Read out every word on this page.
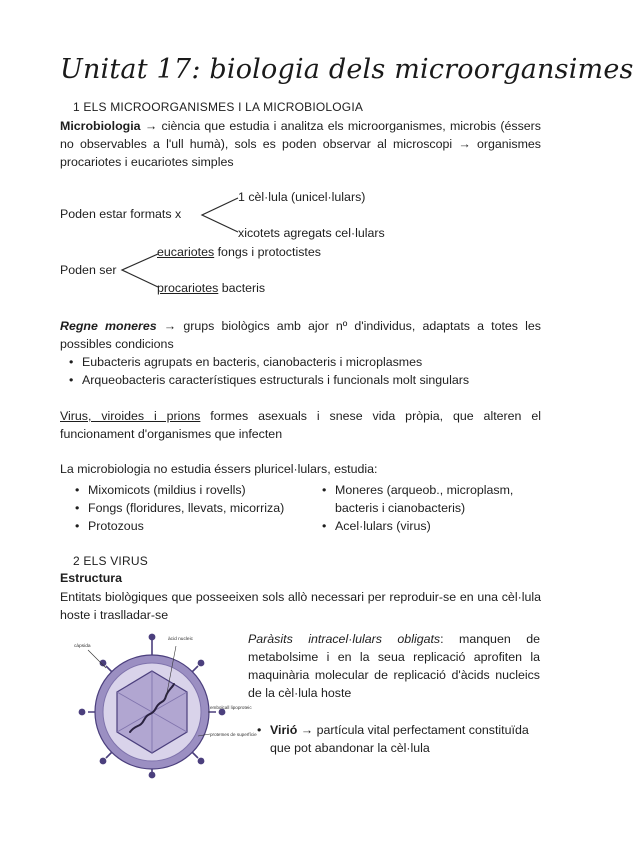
Unitat 17: biologia dels microorgansimes
1 ELS MICROORGANISMES I LA MICROBIOLOGIA
Microbiologia → ciència que estudia i analitza els microorganismes, microbis (éssers no observables a l'ull humà), sols es poden observar al microscopi → organismes procariotes i eucariotes simples
Poden estar formats x
1 cèl·lula (unicel·lulars)
xicotets agregats cel·lulars
Poden ser
eucariotes fongs i protoctistes
procariotes bacteris
Regne moneres → grups biològics amb ajor nº d'individus, adaptats a totes les possibles condicions
• Eubacteris agrupats en bacteris, cianobacteris i microplasmes
• Arqueobacteris característiques estructurals i funcionals molt singulars
Virus, viroides i prions formes asexuals i snese vida pròpia, que alteren el funcionament d'organismes que infecten
La microbiologia no estudia éssers pluricel·lulars, estudia:
• Mixomicots (mildius i rovells)
• Fongs (floridures, llevats, micorriza)
• Protozous
• Moneres (arqueob., microplasm, bacteris i cianobacteris)
• Acel·lulars (virus)
2 ELS VIRUS
Estructura
Entitats biològiques que posseeixen sols allò necessari per reproduir-se en una cèl·lula hoste i traslladar-se
Paràsits intracel·lulars obligats: manquen de metabolsime i en la seua replicació aprofiten la maquinària molecular de replicació d'àcids nucleics de la cèl·lula hoste
• Virió → partícula vital perfectament constituïda que pot abandonar la cèl·lula
càpsida
àcid nucleic
embolcall lipoproteic
proteïnes de superfície
